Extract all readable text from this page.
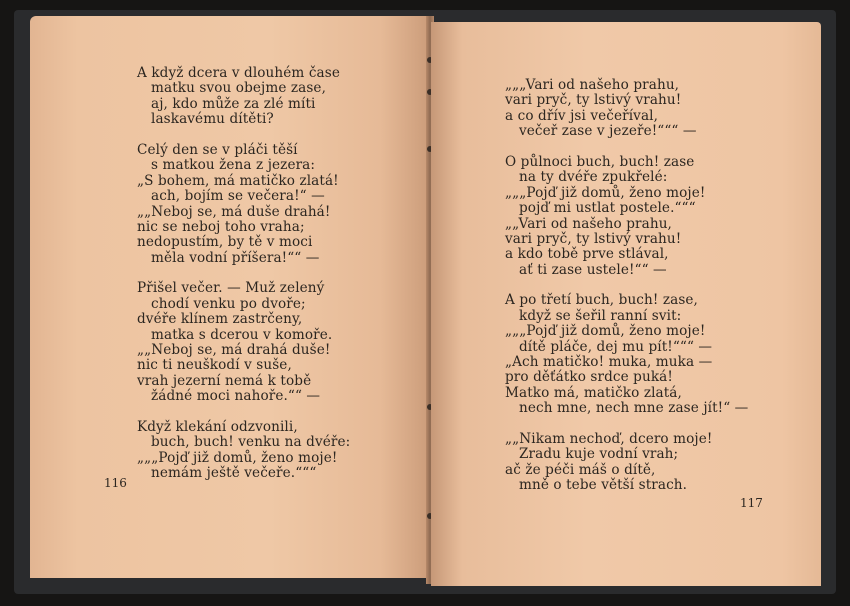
A když dcera v dlouhém čase
matku svou obejme zase,
aj, kdo může za zlé míti
laskavému dítěti?
Celý den se v pláči těší
s matkou žena z jezera:
„S bohem, má matičko zlatá!
ach, bojím se večera!“ —
„„Neboj se, má duše drahá!
nic se neboj toho vraha;
nedopustím, by tě v moci
měla vodní příšera!““ —
Přišel večer. — Muž zelený
chodí venku po dvoře;
dvéře klínem zastrčeny,
matka s dcerou v komoře.
„„Neboj se, má drahá duše!
nic ti neuškodí v suše,
vrah jezerní nemá k tobě
žádné moci nahoře.““ —
Když klekání odzvonili,
buch, buch! venku na dvéře:
„„„Pojď již domů, ženo moje!
nemám ještě večeře.“““
116
„„„Vari od našeho prahu,
vari pryč, ty lstivý vrahu!
a co dřív jsi večeříval,
večeř zase v jezeře!“““ —
O půlnoci buch, buch! zase
na ty dvéře zpukřelé:
„„„Pojď již domů, ženo moje!
pojď mi ustlat postele.“““
„„Vari od našeho prahu,
vari pryč, ty lstivý vrahu!
a kdo tobě prve stlával,
ať ti zase ustele!““ —
A po třetí buch, buch! zase,
když se šeřil ranní svit:
„„„Pojď již domů, ženo moje!
dítě pláče, dej mu pít!“““ —
„Ach matičko! muka, muka —
pro děťátko srdce puká!
Matko má, matičko zlatá,
nech mne, nech mne zase jít!“ —
„„Nikam nechoď, dcero moje!
Zradu kuje vodní vrah;
ač že péči máš o dítě,
mně o tebe větší strach.
117
